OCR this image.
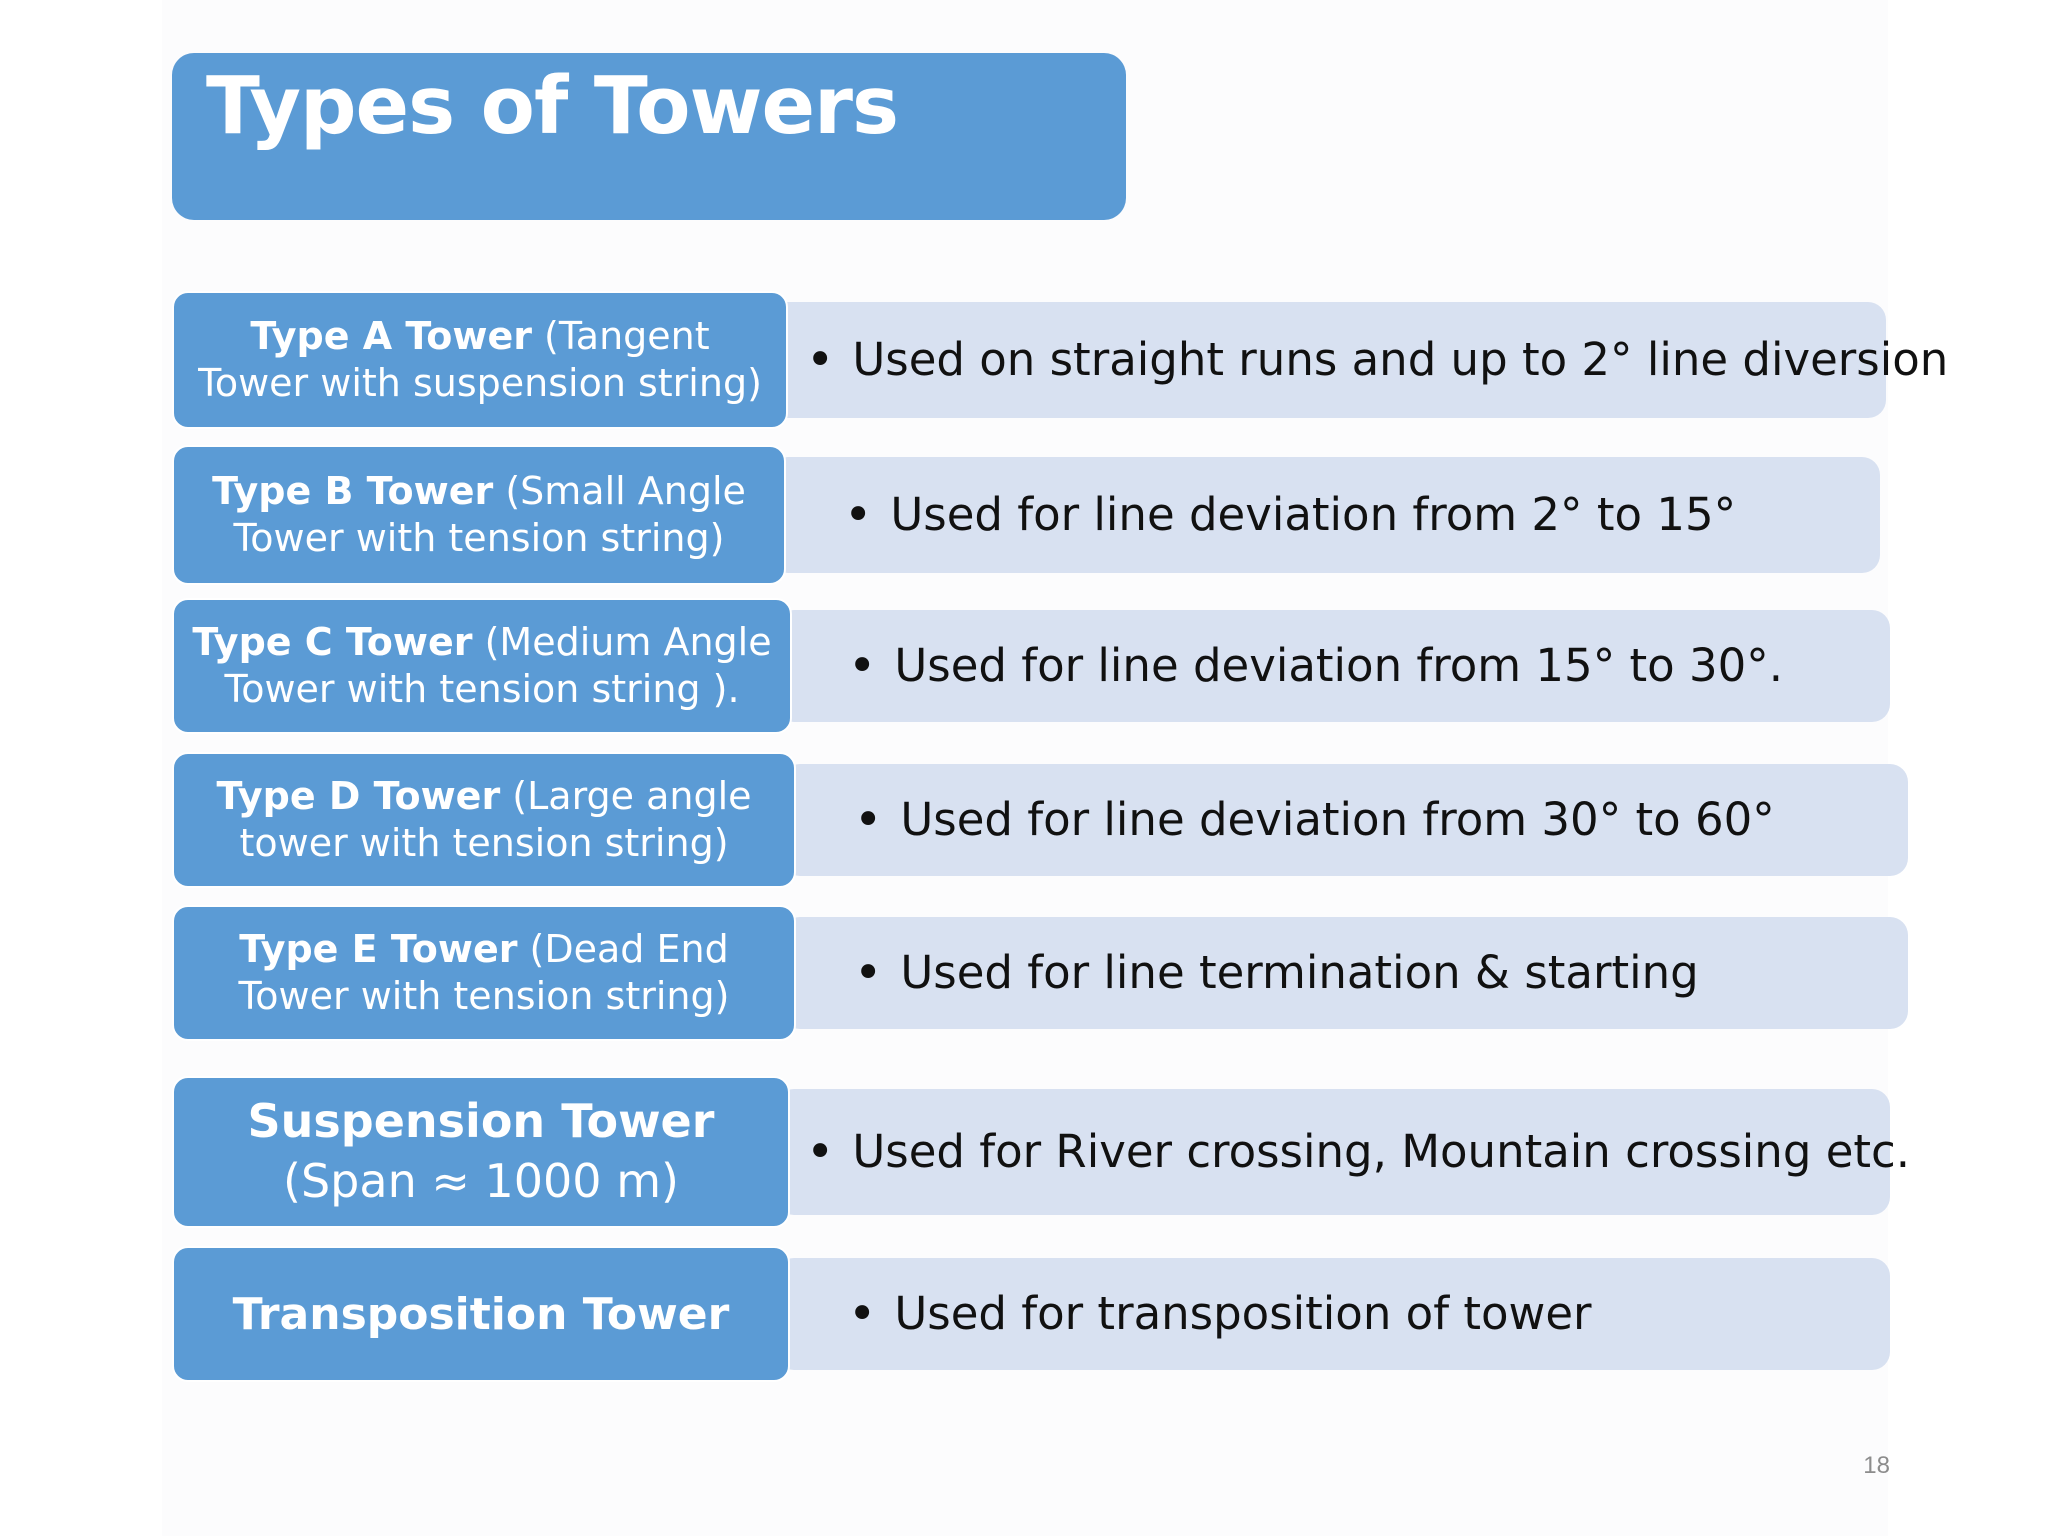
Types of Towers
• Used on straight runs and up to 2° line diversion
Type A Tower (Tangent Tower with suspension string)
• Used for line deviation from 2° to 15°
Type B Tower (Small Angle Tower with tension string)
• Used for line deviation from 15° to 30°.
Type C Tower (Medium Angle Tower with tension string ).
• Used for line deviation from 30° to 60°
Type D Tower (Large angle tower with tension string)
• Used for line termination & starting
Type E Tower (Dead End Tower with tension string)
• Used for River crossing, Mountain crossing etc.
Suspension Tower (Span ≈ 1000 m)
• Used for transposition of tower
Transposition Tower
18
